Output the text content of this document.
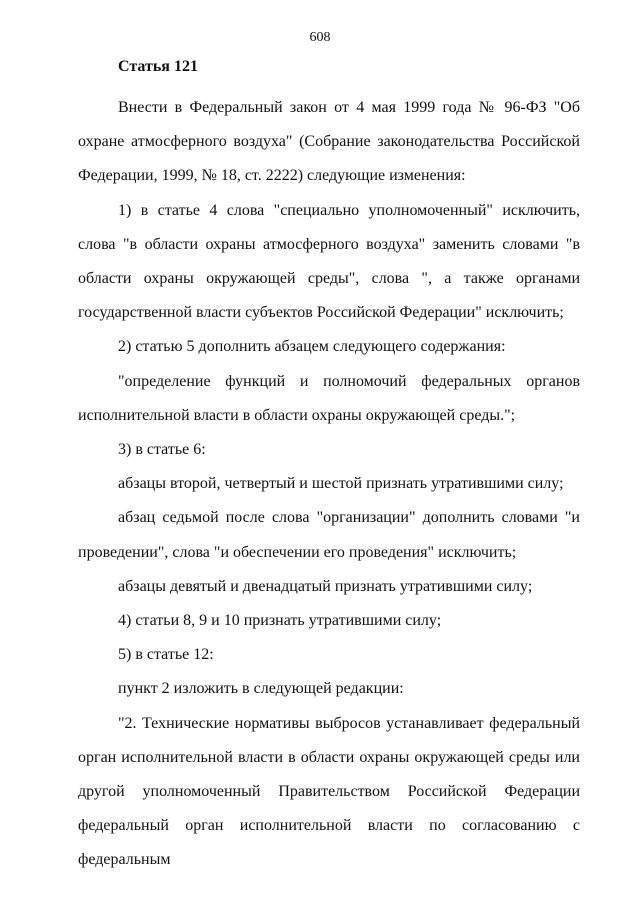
608
Статья 121

Внести в Федеральный закон от 4 мая 1999 года № 96-ФЗ "Об охране атмосферного воздуха" (Собрание законодательства Российской Федерации, 1999, № 18, ст. 2222) следующие изменения:

1) в статье 4 слова "специально уполномоченный" исключить, слова "в области охраны атмосферного воздуха" заменить словами "в области охраны окружающей среды", слова ", а также органами государственной власти субъектов Российской Федерации" исключить;

2) статью 5 дополнить абзацем следующего содержания:

"определение функций и полномочий федеральных органов исполнительной власти в области охраны окружающей среды.";

3) в статье 6:

абзацы второй, четвертый и шестой признать утратившими силу;

абзац седьмой после слова "организации" дополнить словами "и проведении", слова "и обеспечении его проведения" исключить;

абзацы девятый и двенадцатый признать утратившими силу;

4) статьи 8, 9 и 10 признать утратившими силу;

5) в статье 12:

пункт 2 изложить в следующей редакции:

"2. Технические нормативы выбросов устанавливает федеральный орган исполнительной власти в области охраны окружающей среды или другой уполномоченный Правительством Российской Федерации федеральный орган исполнительной власти по согласованию с федеральным
